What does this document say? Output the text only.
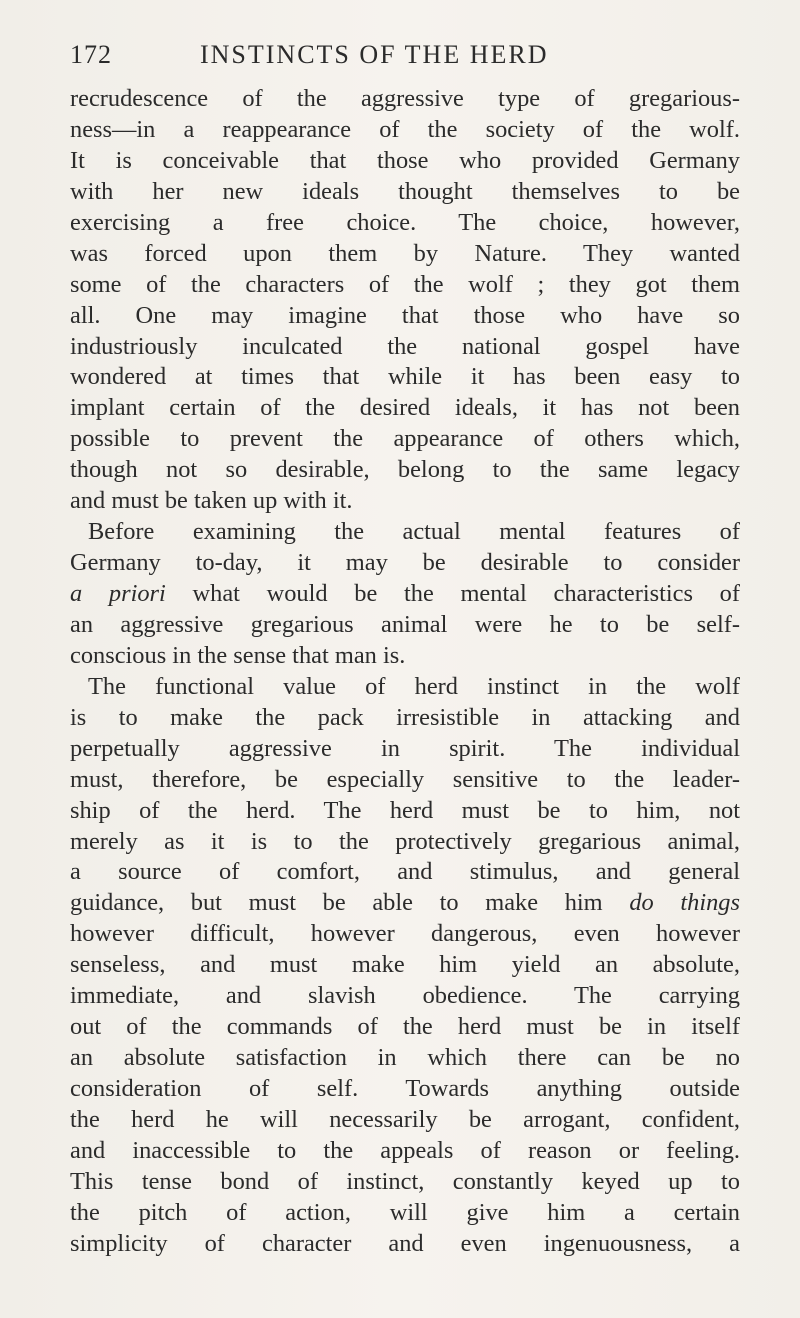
172	INSTINCTS OF THE HERD
recrudescence of the aggressive type of gregarious-
ness—in a reappearance of the society of the wolf.
It is conceivable that those who provided Germany
with her new ideals thought themselves to be
exercising a free choice. The choice, however,
was forced upon them by Nature. They wanted
some of the characters of the wolf ; they got them
all. One may imagine that those who have so
industriously inculcated the national gospel have
wondered at times that while it has been easy to
implant certain of the desired ideals, it has not been
possible to prevent the appearance of others which,
though not so desirable, belong to the same legacy
and must be taken up with it.
Before examining the actual mental features of
Germany to-day, it may be desirable to consider
a priori what would be the mental characteristics of
an aggressive gregarious animal were he to be self-
conscious in the sense that man is.
The functional value of herd instinct in the wolf
is to make the pack irresistible in attacking and
perpetually aggressive in spirit. The individual
must, therefore, be especially sensitive to the leader-
ship of the herd. The herd must be to him, not
merely as it is to the protectively gregarious animal,
a source of comfort, and stimulus, and general
guidance, but must be able to make him do things
however difficult, however dangerous, even however
senseless, and must make him yield an absolute,
immediate, and slavish obedience. The carrying
out of the commands of the herd must be in itself
an absolute satisfaction in which there can be no
consideration of self. Towards anything outside
the herd he will necessarily be arrogant, confident,
and inaccessible to the appeals of reason or feeling.
This tense bond of instinct, constantly keyed up to
the pitch of action, will give him a certain
simplicity of character and even ingenuousness, a
